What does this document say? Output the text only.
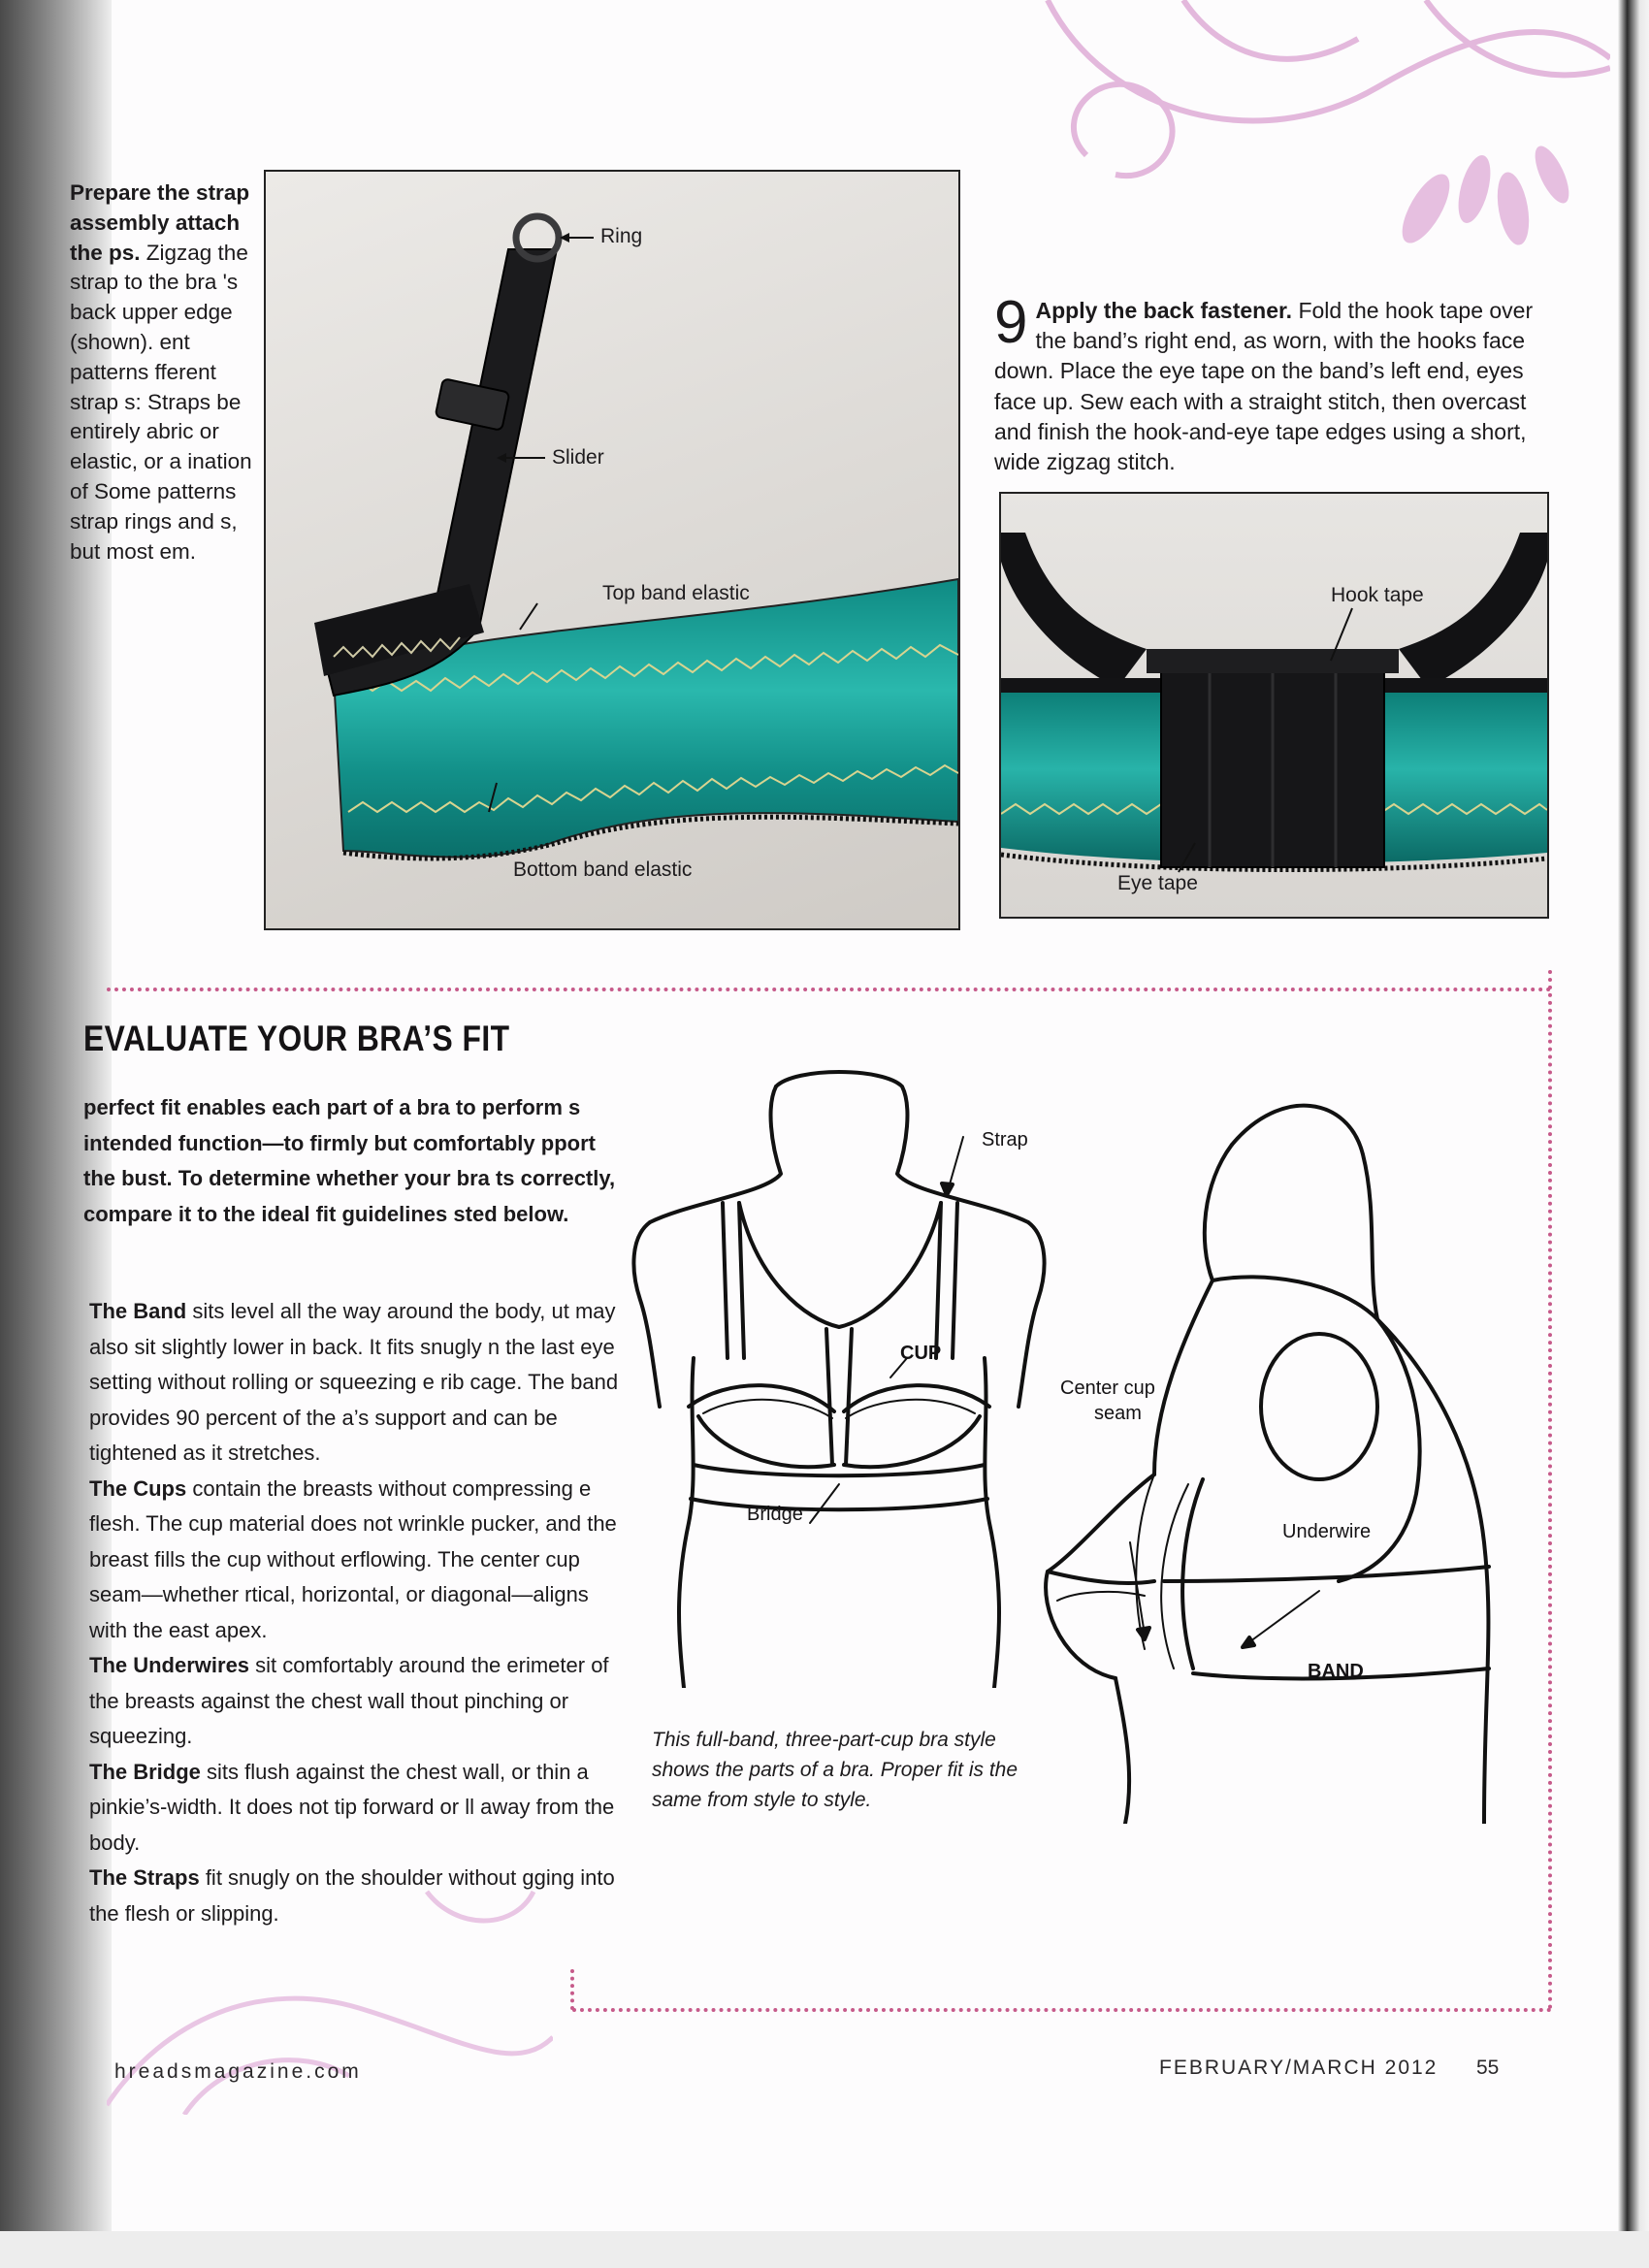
Prepare the strap assembly attach the ps. Zigzag the strap to the bra 's back upper edge (shown). ent patterns fferent strap s: Straps be entirely abric or elastic, or a ination of Some patterns strap rings and s, but most em.
Ring
Slider
Top band elastic
Bottom band elastic
9 Apply the back fastener. Fold the hook tape over the band’s right end, as worn, with the hooks face down. Place the eye tape on the band’s left end, eyes face up. Sew each with a straight stitch, then overcast and finish the hook-and-eye tape edges using a short, wide zigzag stitch.
Hook tape
Eye tape
EVALUATE YOUR BRA’S FIT
perfect fit enables each part of a bra to perform s intended function—to firmly but comfortably pport the bust. To determine whether your bra ts correctly, compare it to the ideal fit guidelines sted below.
The Band sits level all the way around the body, ut may also sit slightly lower in back. It fits snugly n the last eye setting without rolling or squeezing e rib cage. The band provides 90 percent of the a’s support and can be tightened as it stretches.
The Cups contain the breasts without compressing e flesh. The cup material does not wrinkle pucker, and the breast fills the cup without erflowing. The center cup seam—whether rtical, horizontal, or diagonal—aligns with the east apex.
The Underwires sit comfortably around the erimeter of the breasts against the chest wall thout pinching or squeezing.
The Bridge sits flush against the chest wall, or thin a pinkie’s-width. It does not tip forward or ll away from the body.
The Straps fit snugly on the shoulder without gging into the flesh or slipping.
Strap
CUP
Bridge
Center cup
seam
Underwire
BAND
This full-band, three-part-cup bra style shows the parts of a bra. Proper fit is the same from style to style.
hreadsmagazine.com	FEBRUARY/MARCH 2012 55
